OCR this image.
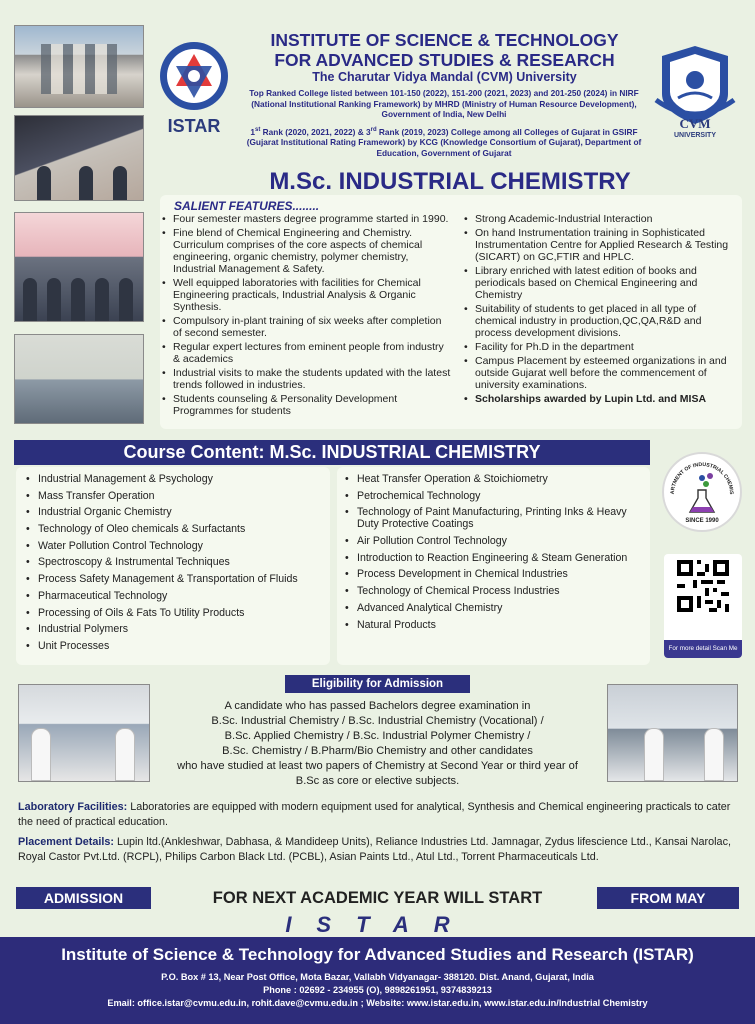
ISTAR
INSTITUTE OF SCIENCE & TECHNOLOGY
FOR ADVANCED STUDIES & RESEARCH
The Charutar Vidya Mandal (CVM) University
Top Ranked College listed between 101-150 (2022), 151-200 (2021, 2023) and 201-250 (2024) in NIRF (National Institutional Ranking Framework) by MHRD (Ministry of Human Resource Development), Government of India, New Delhi
1st Rank (2020, 2021, 2022) & 3rd Rank (2019, 2023) College among all Colleges of Gujarat in GSIRF (Gujarat Institutional Rating Framework) by KCG (Knowledge Consortium of Gujarat), Department of Education, Government of Gujarat
CVM
UNIVERSITY
M.Sc. INDUSTRIAL CHEMISTRY
SALIENT FEATURES........
• Four semester masters degree programme started in 1990.
• Fine blend of Chemical Engineering and Chemistry. Curriculum comprises of the core aspects of chemical engineering, organic chemistry, polymer chemistry, Industrial Management & Safety.
• Well equipped laboratories with facilities for Chemical Engineering practicals, Industrial Analysis & Organic Synthesis.
• Compulsory in-plant training of six weeks after completion of second semester.
• Regular expert lectures from eminent people from industry & academics
• Industrial visits to make the students updated with the latest trends followed in industries.
• Students counseling & Personality Development Programmes for students
• Strong Academic-Industrial Interaction
• On hand Instrumentation training in Sophisticated Instrumentation Centre for Applied Research & Testing (SICART) on GC,FTIR and HPLC.
• Library enriched with latest edition of books and periodicals based on Chemical Engineering and Chemistry
• Suitability of students to get placed in all type of chemical industry in production,QC,QA,R&D and process development divisions.
• Facility for Ph.D in the department
• Campus Placement by esteemed organizations in and outside Gujarat well before the commencement of university examinations.
• Scholarships awarded by Lupin Ltd. and MISA
Course Content: M.Sc. INDUSTRIAL CHEMISTRY
• Industrial Management & Psychology
• Mass Transfer Operation
• Industrial Organic Chemistry
• Technology of Oleo chemicals & Surfactants
• Water Pollution Control Technology
• Spectroscopy & Instrumental Techniques
• Process Safety Management & Transportation of Fluids
• Pharmaceutical Technology
• Processing of Oils & Fats To Utility Products
• Industrial Polymers
• Unit Processes
• Heat Transfer Operation & Stoichiometry
• Petrochemical Technology
• Technology of Paint Manufacturing, Printing Inks & Heavy Duty Protective Coatings
• Air Pollution Control Technology
• Introduction to Reaction Engineering & Steam Generation
• Process Development in Chemical Industries
• Technology of Chemical Process Industries
• Advanced Analytical Chemistry
• Natural Products
ARTMENT OF INDUSTRIAL CHEMIS
SINCE 1990
For more detail Scan Me
Eligibility for Admission
A candidate who has passed Bachelors degree examination in
B.Sc. Industrial Chemistry / B.Sc. Industrial Chemistry (Vocational) /
B.Sc. Applied Chemistry / B.Sc. Industrial Polymer Chemistry /
B.Sc. Chemistry / B.Pharm/Bio Chemistry and other candidates
who have studied at least two papers of Chemistry at Second Year or third year of
B.Sc as core or elective subjects.
Laboratory Facilities: Laboratories are equipped with modern equipment used for analytical, Synthesis and Chemical engineering practicals to cater the need of practical education.
Placement Details: Lupin ltd.(Ankleshwar, Dabhasa, & Mandideep Units), Reliance Industries Ltd. Jamnagar, Zydus lifescience Ltd., Kansai Narolac, Royal Castor Pvt.Ltd. (RCPL), Philips Carbon Black Ltd. (PCBL), Asian Paints Ltd., Atul Ltd., Torrent Pharmaceuticals Ltd.
ADMISSION	FOR NEXT ACADEMIC YEAR WILL START	FROM MAY
ISTAR
Institute of Science & Technology for Advanced Studies and Research (ISTAR)
P.O. Box # 13, Near Post Office, Mota Bazar, Vallabh Vidyanagar- 388120. Dist. Anand, Gujarat, India
Phone : 02692 - 234955 (O), 9898261951, 9374839213
Email: office.istar@cvmu.edu.in, rohit.dave@cvmu.edu.in ; Website: www.istar.edu.in, www.istar.edu.in/Industrial Chemistry
